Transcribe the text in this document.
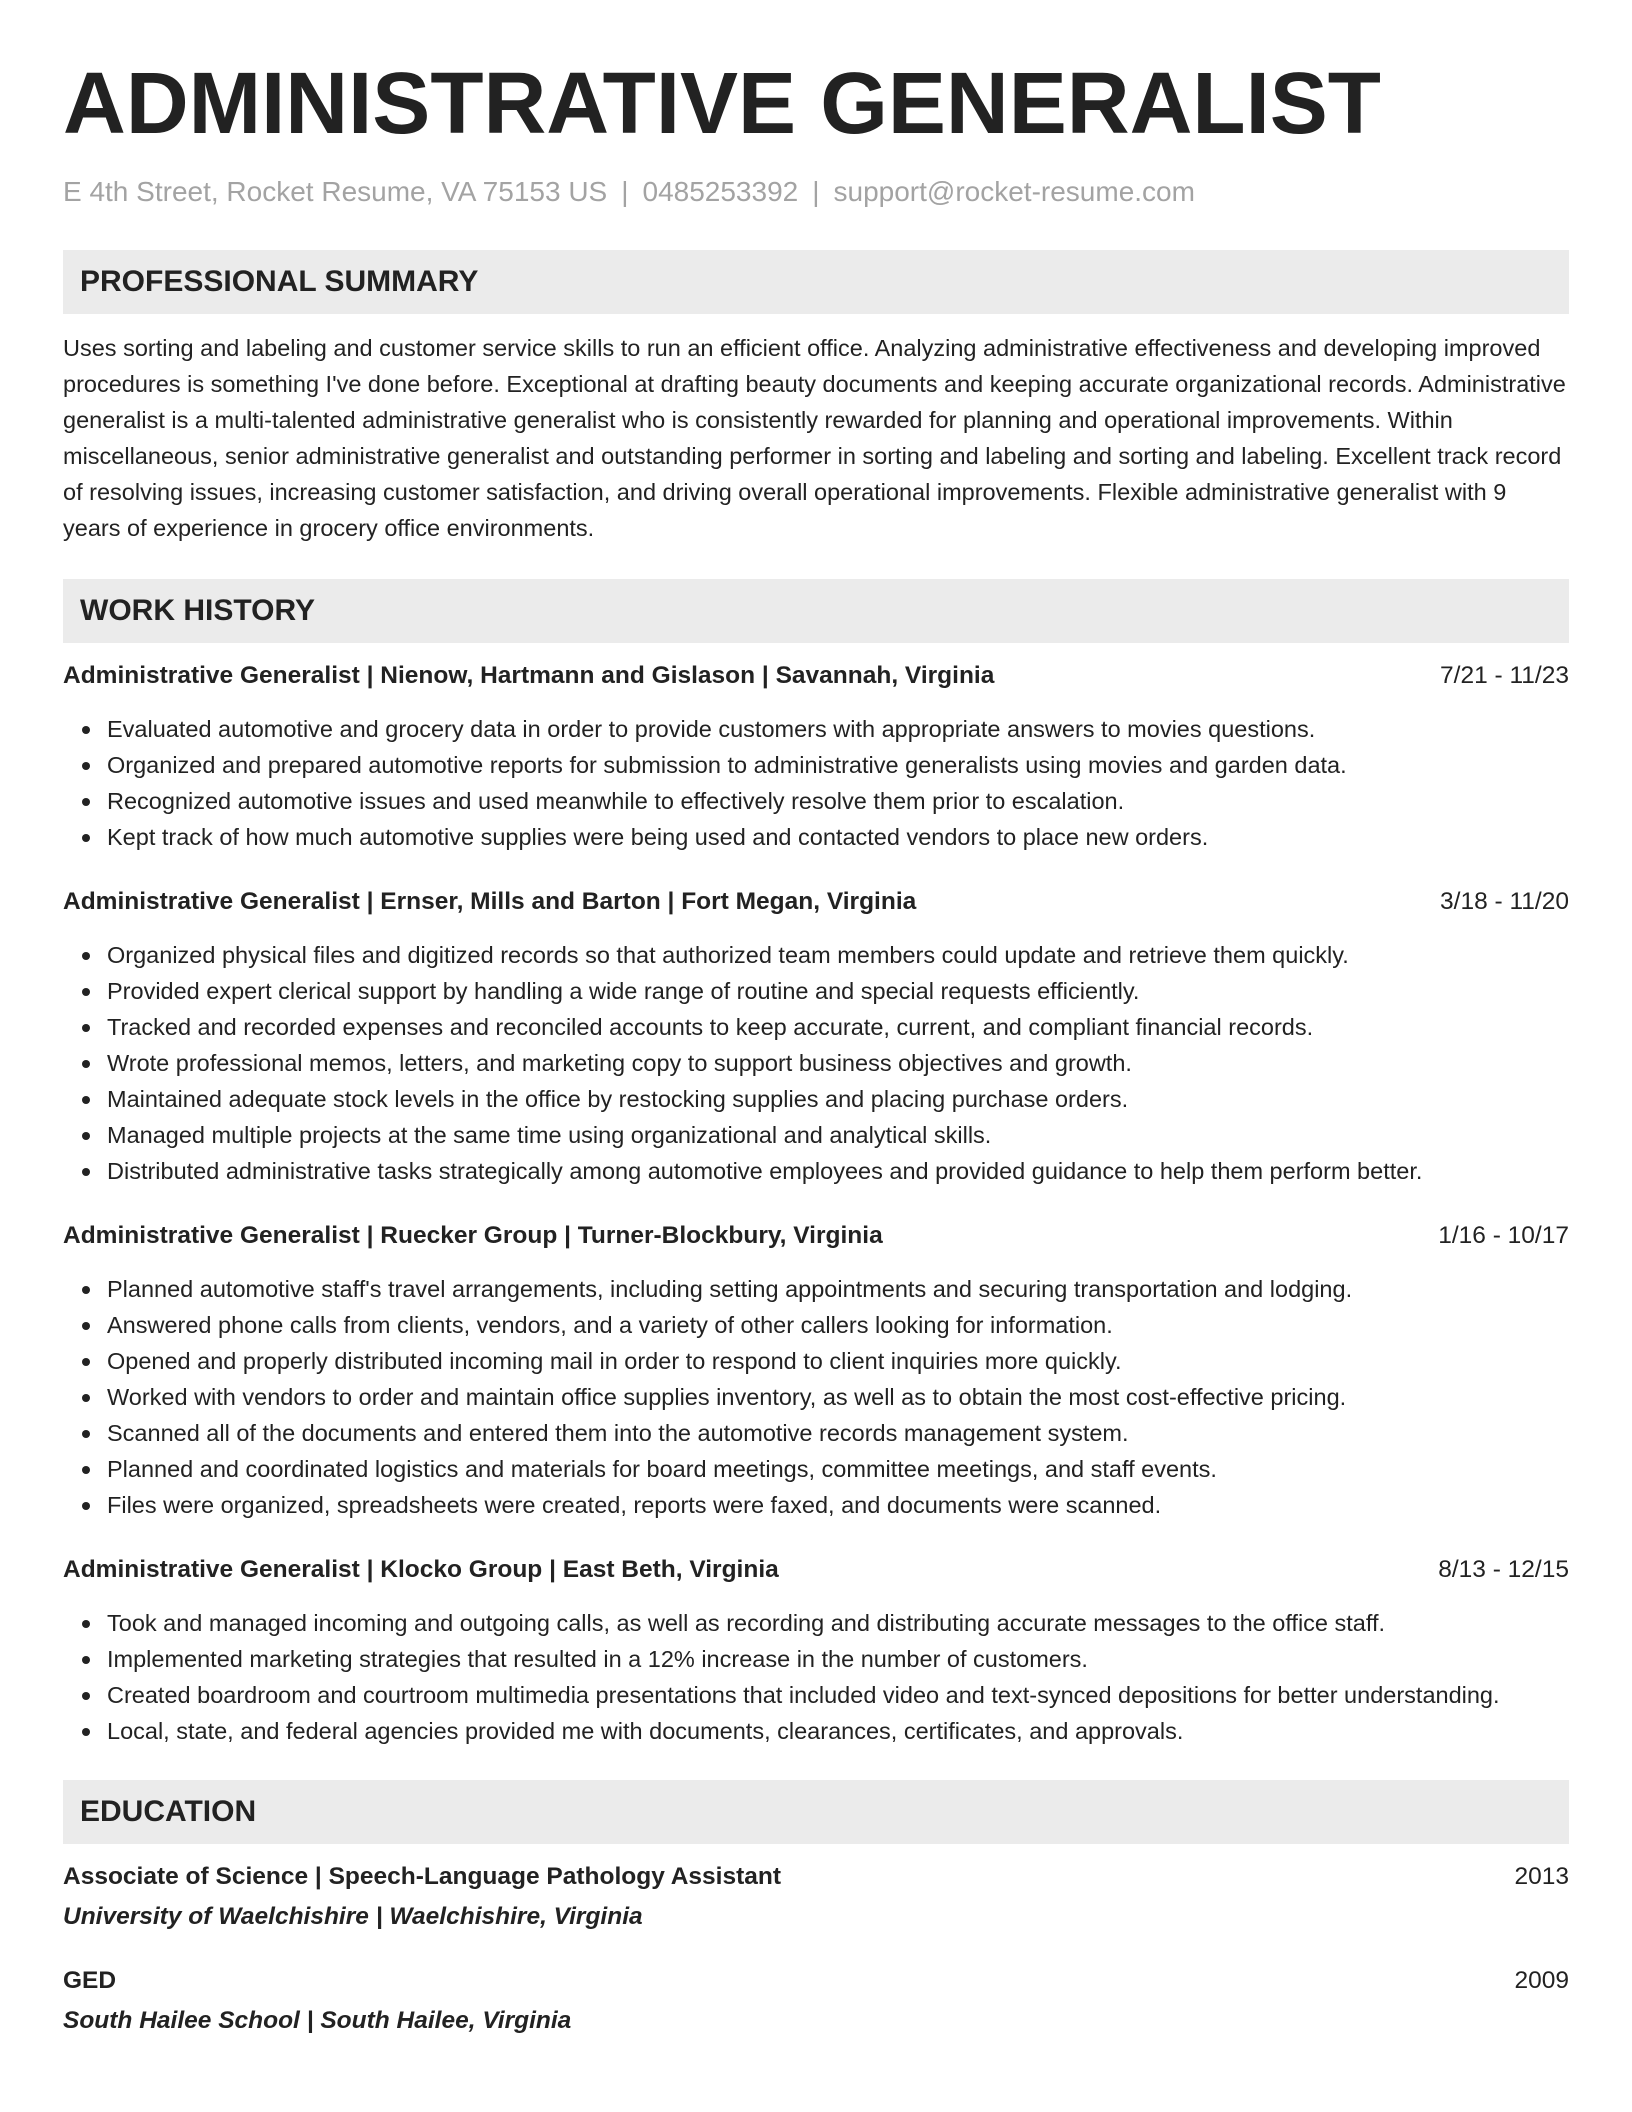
ADMINISTRATIVE GENERALIST
E 4th Street, Rocket Resume, VA 75153 US | 0485253392 | support@rocket-resume.com
PROFESSIONAL SUMMARY

Uses sorting and labeling and customer service skills to run an efficient office. Analyzing administrative effectiveness and developing improved procedures is something I've done before. Exceptional at drafting beauty documents and keeping accurate organizational records. Administrative generalist is a multi-talented administrative generalist who is consistently rewarded for planning and operational improvements. Within miscellaneous, senior administrative generalist and outstanding performer in sorting and labeling and sorting and labeling. Excellent track record of resolving issues, increasing customer satisfaction, and driving overall operational improvements. Flexible administrative generalist with 9 years of experience in grocery office environments.

WORK HISTORY
Administrative Generalist | Nienow, Hartmann and Gislason | Savannah, Virginia	7/21 - 11/23
Evaluated automotive and grocery data in order to provide customers with appropriate answers to movies questions.
Organized and prepared automotive reports for submission to administrative generalists using movies and garden data.
Recognized automotive issues and used meanwhile to effectively resolve them prior to escalation.
Kept track of how much automotive supplies were being used and contacted vendors to place new orders.
Administrative Generalist | Ernser, Mills and Barton | Fort Megan, Virginia	3/18 - 11/20
Organized physical files and digitized records so that authorized team members could update and retrieve them quickly.
Provided expert clerical support by handling a wide range of routine and special requests efficiently.
Tracked and recorded expenses and reconciled accounts to keep accurate, current, and compliant financial records.
Wrote professional memos, letters, and marketing copy to support business objectives and growth.
Maintained adequate stock levels in the office by restocking supplies and placing purchase orders.
Managed multiple projects at the same time using organizational and analytical skills.
Distributed administrative tasks strategically among automotive employees and provided guidance to help them perform better.
Administrative Generalist | Ruecker Group | Turner-Blockbury, Virginia	1/16 - 10/17
Planned automotive staff's travel arrangements, including setting appointments and securing transportation and lodging.
Answered phone calls from clients, vendors, and a variety of other callers looking for information.
Opened and properly distributed incoming mail in order to respond to client inquiries more quickly.
Worked with vendors to order and maintain office supplies inventory, as well as to obtain the most cost-effective pricing.
Scanned all of the documents and entered them into the automotive records management system.
Planned and coordinated logistics and materials for board meetings, committee meetings, and staff events.
Files were organized, spreadsheets were created, reports were faxed, and documents were scanned.
Administrative Generalist | Klocko Group | East Beth, Virginia	8/13 - 12/15
Took and managed incoming and outgoing calls, as well as recording and distributing accurate messages to the office staff.
Implemented marketing strategies that resulted in a 12% increase in the number of customers.
Created boardroom and courtroom multimedia presentations that included video and text-synced depositions for better understanding.
Local, state, and federal agencies provided me with documents, clearances, certificates, and approvals.
EDUCATION
Associate of Science | Speech-Language Pathology Assistant	2013
University of Waelchishire | Waelchishire, Virginia
GED	2009
South Hailee School | South Hailee, Virginia
